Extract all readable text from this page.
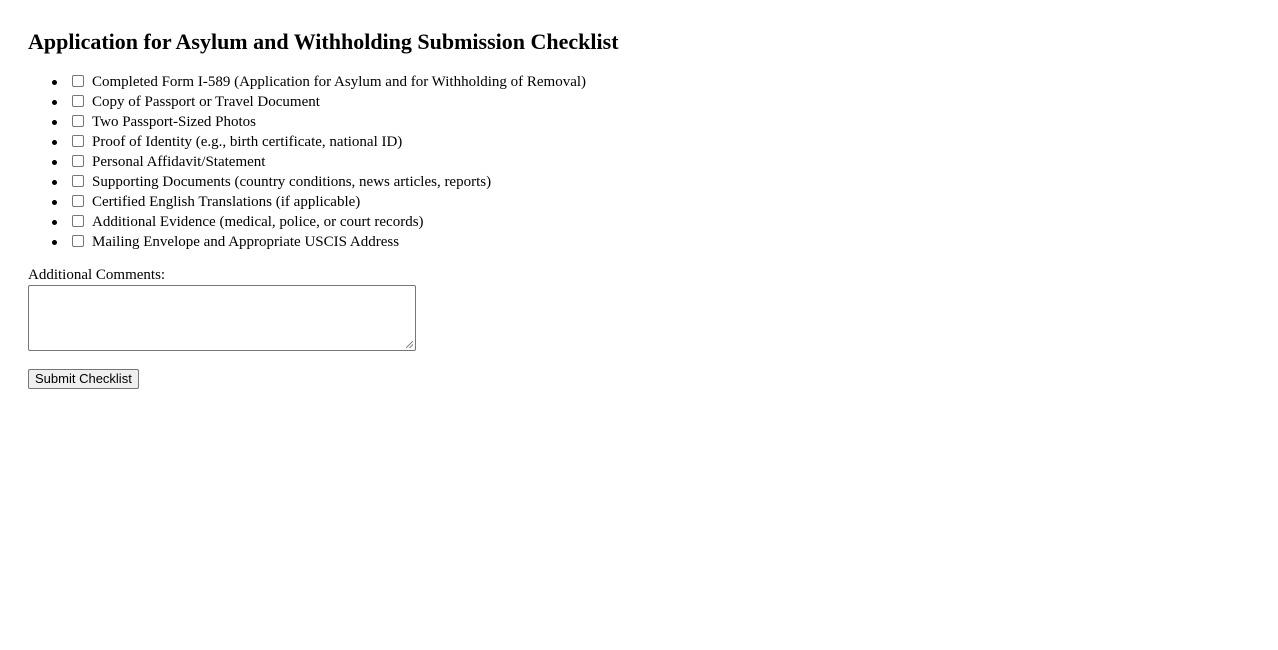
Application for Asylum and Withholding Submission Checklist
Completed Form I-589 (Application for Asylum and for Withholding of Removal)
Copy of Passport or Travel Document
Two Passport-Sized Photos
Proof of Identity (e.g., birth certificate, national ID)
Personal Affidavit/Statement
Supporting Documents (country conditions, news articles, reports)
Certified English Translations (if applicable)
Additional Evidence (medical, police, or court records)
Mailing Envelope and Appropriate USCIS Address
Additional Comments:
Submit Checklist
